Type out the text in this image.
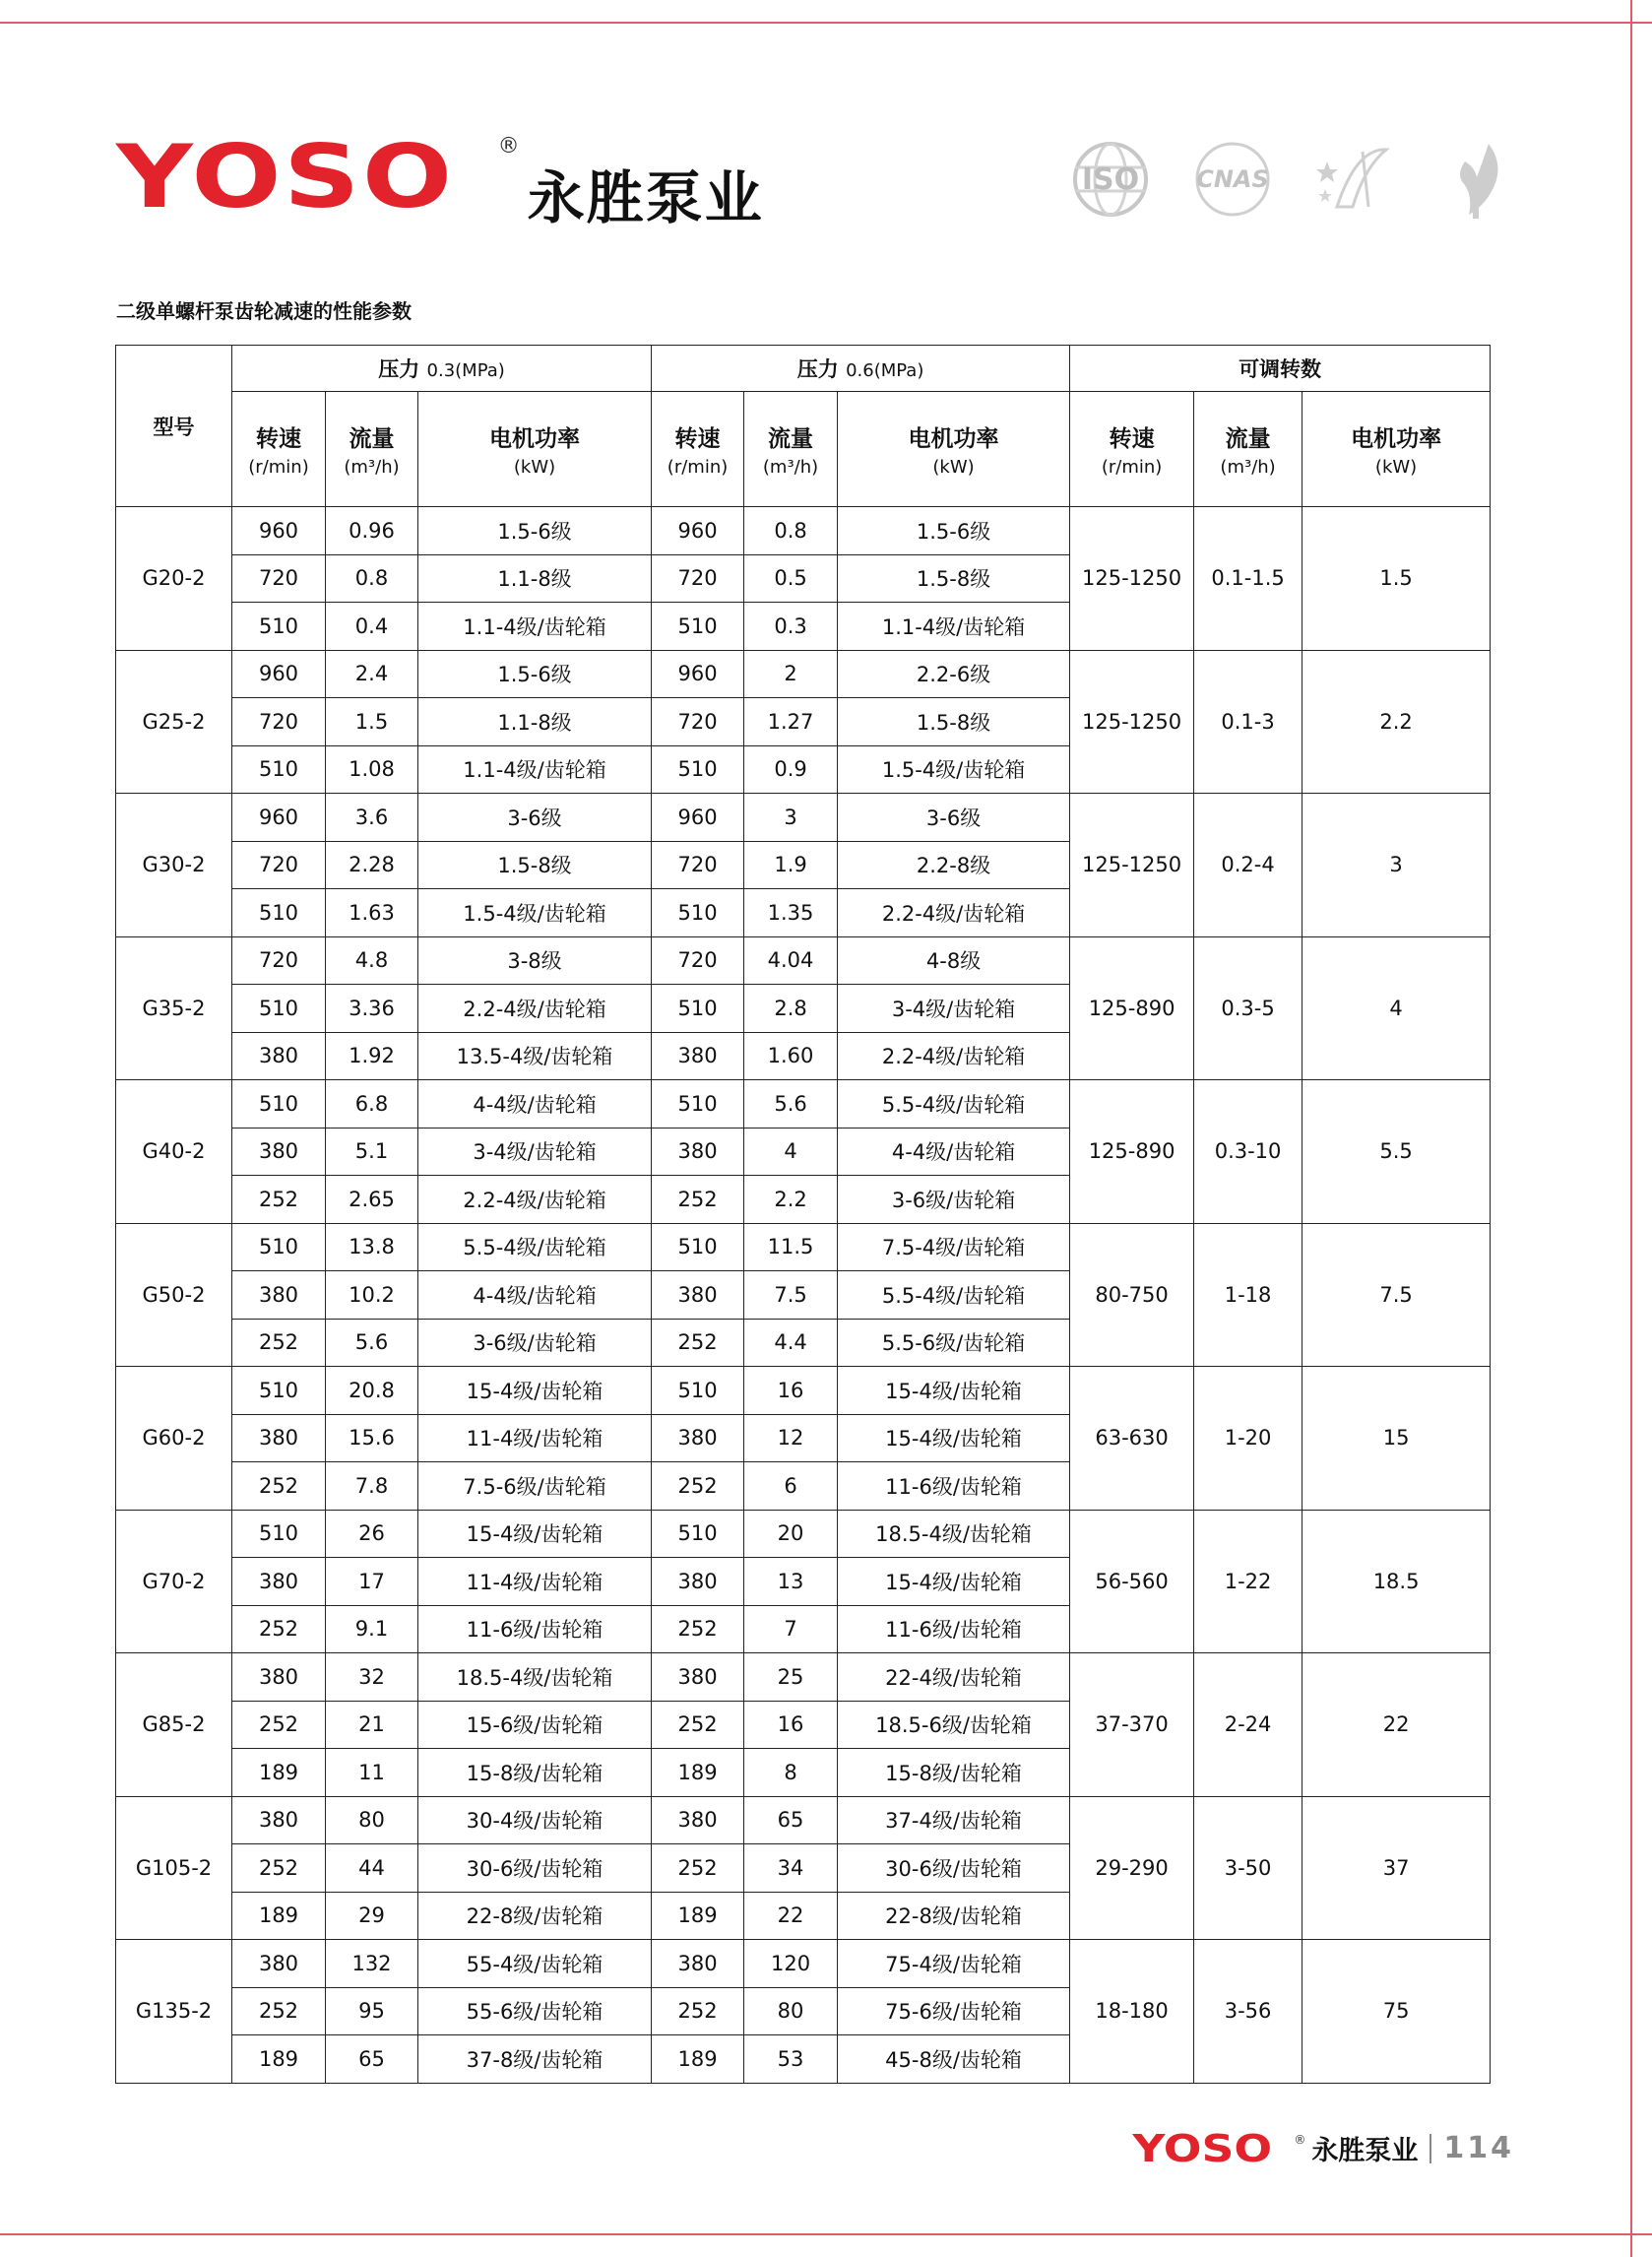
YOSO ®
永胜泵业	ISO CNAS
二级单螺杆泵齿轮减速的性能参数
型号	压力 0.3(MPa)			压力 0.6(MPa)			可调转数		

	转速
(r/min)	流量
(m³/h)	电机功率
(kW)	转速
(r/min)	流量
(m³/h)	电机功率
(kW)	转速
(r/min)	流量
(m³/h)	电机功率
(kW)

G20-2	960	0.96	1.5-6级	960	0.8	1.5-6级	125-1250	0.1-1.5	1.5
	720	0.8	1.1-8级	720	0.5	1.5-8级			
	510	0.4	1.1-4级/齿轮箱	510	0.3	1.1-4级/齿轮箱			
G25-2	960	2.4	1.5-6级	960	2	2.2-6级	125-1250	0.1-3	2.2
	720	1.5	1.1-8级	720	1.27	1.5-8级			
	510	1.08	1.1-4级/齿轮箱	510	0.9	1.5-4级/齿轮箱			
G30-2	960	3.6	3-6级	960	3	3-6级	125-1250	0.2-4	3
	720	2.28	1.5-8级	720	1.9	2.2-8级			
	510	1.63	1.5-4级/齿轮箱	510	1.35	2.2-4级/齿轮箱			
G35-2	720	4.8	3-8级	720	4.04	4-8级	125-890	0.3-5	4
	510	3.36	2.2-4级/齿轮箱	510	2.8	3-4级/齿轮箱			
	380	1.92	13.5-4级/齿轮箱	380	1.60	2.2-4级/齿轮箱			
G40-2	510	6.8	4-4级/齿轮箱	510	5.6	5.5-4级/齿轮箱	125-890	0.3-10	5.5
	380	5.1	3-4级/齿轮箱	380	4	4-4级/齿轮箱			
	252	2.65	2.2-4级/齿轮箱	252	2.2	3-6级/齿轮箱			
G50-2	510	13.8	5.5-4级/齿轮箱	510	11.5	7.5-4级/齿轮箱	80-750	1-18	7.5
	380	10.2	4-4级/齿轮箱	380	7.5	5.5-4级/齿轮箱			
	252	5.6	3-6级/齿轮箱	252	4.4	5.5-6级/齿轮箱			
G60-2	510	20.8	15-4级/齿轮箱	510	16	15-4级/齿轮箱	63-630	1-20	15
	380	15.6	11-4级/齿轮箱	380	12	15-4级/齿轮箱			
	252	7.8	7.5-6级/齿轮箱	252	6	11-6级/齿轮箱			
G70-2	510	26	15-4级/齿轮箱	510	20	18.5-4级/齿轮箱	56-560	1-22	18.5
	380	17	11-4级/齿轮箱	380	13	15-4级/齿轮箱			
	252	9.1	11-6级/齿轮箱	252	7	11-6级/齿轮箱			
G85-2	380	32	18.5-4级/齿轮箱	380	25	22-4级/齿轮箱	37-370	2-24	22
	252	21	15-6级/齿轮箱	252	16	18.5-6级/齿轮箱			
	189	11	15-8级/齿轮箱	189	8	15-8级/齿轮箱			
G105-2	380	80	30-4级/齿轮箱	380	65	37-4级/齿轮箱	29-290	3-50	37
	252	44	30-6级/齿轮箱	252	34	30-6级/齿轮箱			
	189	29	22-8级/齿轮箱	189	22	22-8级/齿轮箱			
G135-2	380	132	55-4级/齿轮箱	380	120	75-4级/齿轮箱	18-180	3-56	75
	252	95	55-6级/齿轮箱	252	80	75-6级/齿轮箱			
	189	65	37-8级/齿轮箱	189	53	45-8级/齿轮箱			
YOSO ® 永胜泵业 114
